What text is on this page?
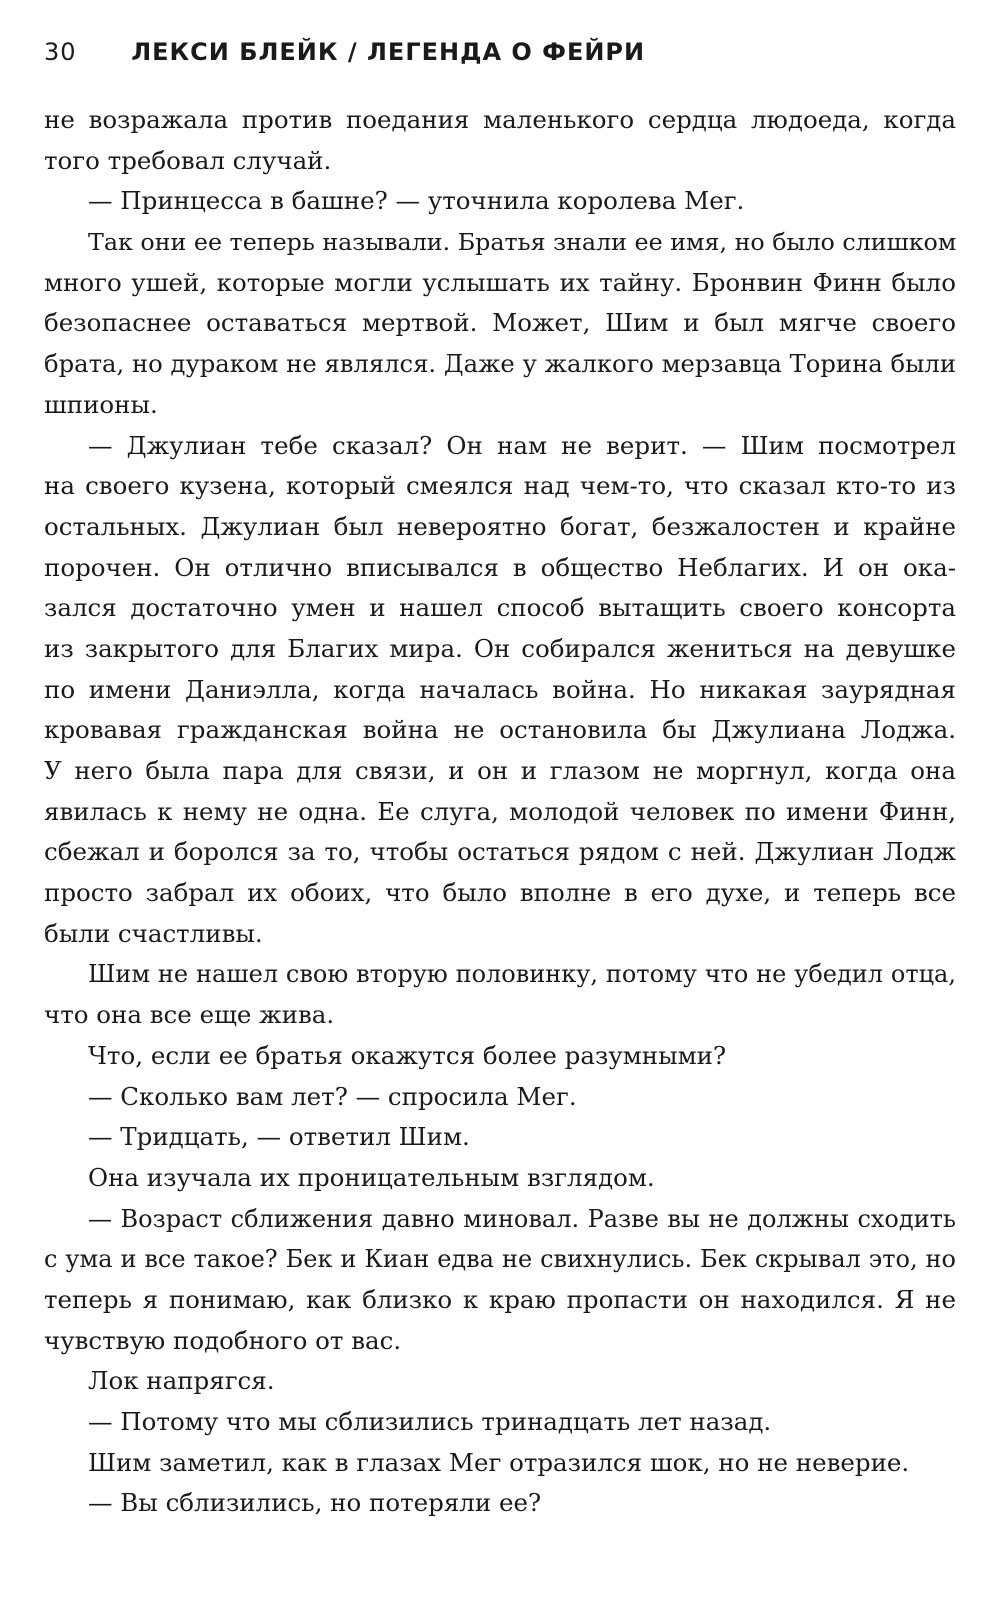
30 ЛЕКСИ БЛЕЙК / ЛЕГЕНДА О ФЕЙРИ
не возражала против поедания маленького сердца людоеда, когда
того требовал случай.
— Принцесса в башне? — уточнила королева Мег.
Так они ее теперь называли. Братья знали ее имя, но было слишком
много ушей, которые могли услышать их тайну. Бронвин Финн было
безопаснее оставаться мертвой. Может, Шим и был мягче своего
брата, но дураком не являлся. Даже у жалкого мерзавца Торина были
шпионы.
— Джулиан тебе сказал? Он нам не верит. — Шим посмотрел
на своего кузена, который смеялся над чем-то, что сказал кто-то из
остальных. Джулиан был невероятно богат, безжалостен и крайне
порочен. Он отлично вписывался в общество Неблагих. И он ока-
зался достаточно умен и нашел способ вытащить своего консорта
из закрытого для Благих мира. Он собирался жениться на девушке
по имени Даниэлла, когда началась война. Но никакая заурядная
кровавая гражданская война не остановила бы Джулиана Лоджа.
У него была пара для связи, и он и глазом не моргнул, когда она
явилась к нему не одна. Ее слуга, молодой человек по имени Финн,
сбежал и боролся за то, чтобы остаться рядом с ней. Джулиан Лодж
просто забрал их обоих, что было вполне в его духе, и теперь все
были счастливы.
Шим не нашел свою вторую половинку, потому что не убедил отца,
что она все еще жива.
Что, если ее братья окажутся более разумными?
— Сколько вам лет? — спросила Мег.
— Тридцать, — ответил Шим.
Она изучала их проницательным взглядом.
— Возраст сближения давно миновал. Разве вы не должны сходить
с ума и все такое? Бек и Киан едва не свихнулись. Бек скрывал это, но
теперь я понимаю, как близко к краю пропасти он находился. Я не
чувствую подобного от вас.
Лок напрягся.
— Потому что мы сблизились тринадцать лет назад.
Шим заметил, как в глазах Мег отразился шок, но не неверие.
— Вы сблизились, но потеряли ее?
